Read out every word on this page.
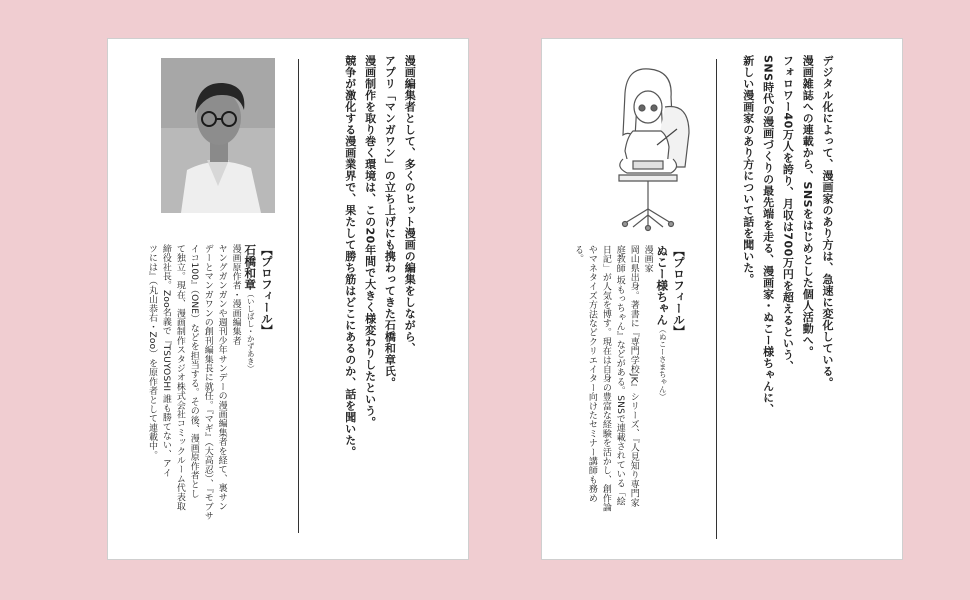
漫画編集者として、多くのヒット漫画の編集をしながら、
アプリ「マンガワン」の立ち上げにも携わってきた石橋和章氏。
漫画制作を取り巻く環境は、この20年間で大きく様変わりしたという。
競争が激化する漫画業界で、果たして勝ち筋はどこにあるのか、話を聞いた。
【プロフィール】
石橋和章（いしばし・かずあき）
漫画原作者・漫画編集者
ヤングガンガンや週刊少年サンデーの漫画編集者を経て、裏サン
デーとマンガワンの創刊編集長に就任。『マギ』（大高忍）、『モブサ
イコ100』（ONE）などを担当する。その後、漫画原作者とし
て独立。現在、漫画制作スタジオ株式会社コミックルーム代表取
締役社長。Zoo名義で『TSUYOSHI 誰も勝てない、アイ
ツには』（丸山恭右・Zoo）を原作者として連載中。	デジタル化によって、漫画家のあり方は、急速に変化している。
漫画雑誌への連載から、SNSをはじめとした個人活動へ。
フォロワー40万人を誇り、月収は700万円を超えるという、
SNS時代の漫画づくりの最先端を走る、漫画家・ぬこー様ちゃんに、
新しい漫画家のあり方について話を聞いた。
【プロフィール】
ぬこー様ちゃん（ぬこーさまちゃん）
漫画家
岡山県出身。著書に『専門学校JK』シリーズ、『人見知り専門家
庭教師 坂もっちゃん』などがある。SNSで連載されている「絵
日記」が人気を博す。現在は自身の豊富な経験を活かし、創作論
やマネタイズ方法などクリエイター向けたセミナー講師も務め
る。
